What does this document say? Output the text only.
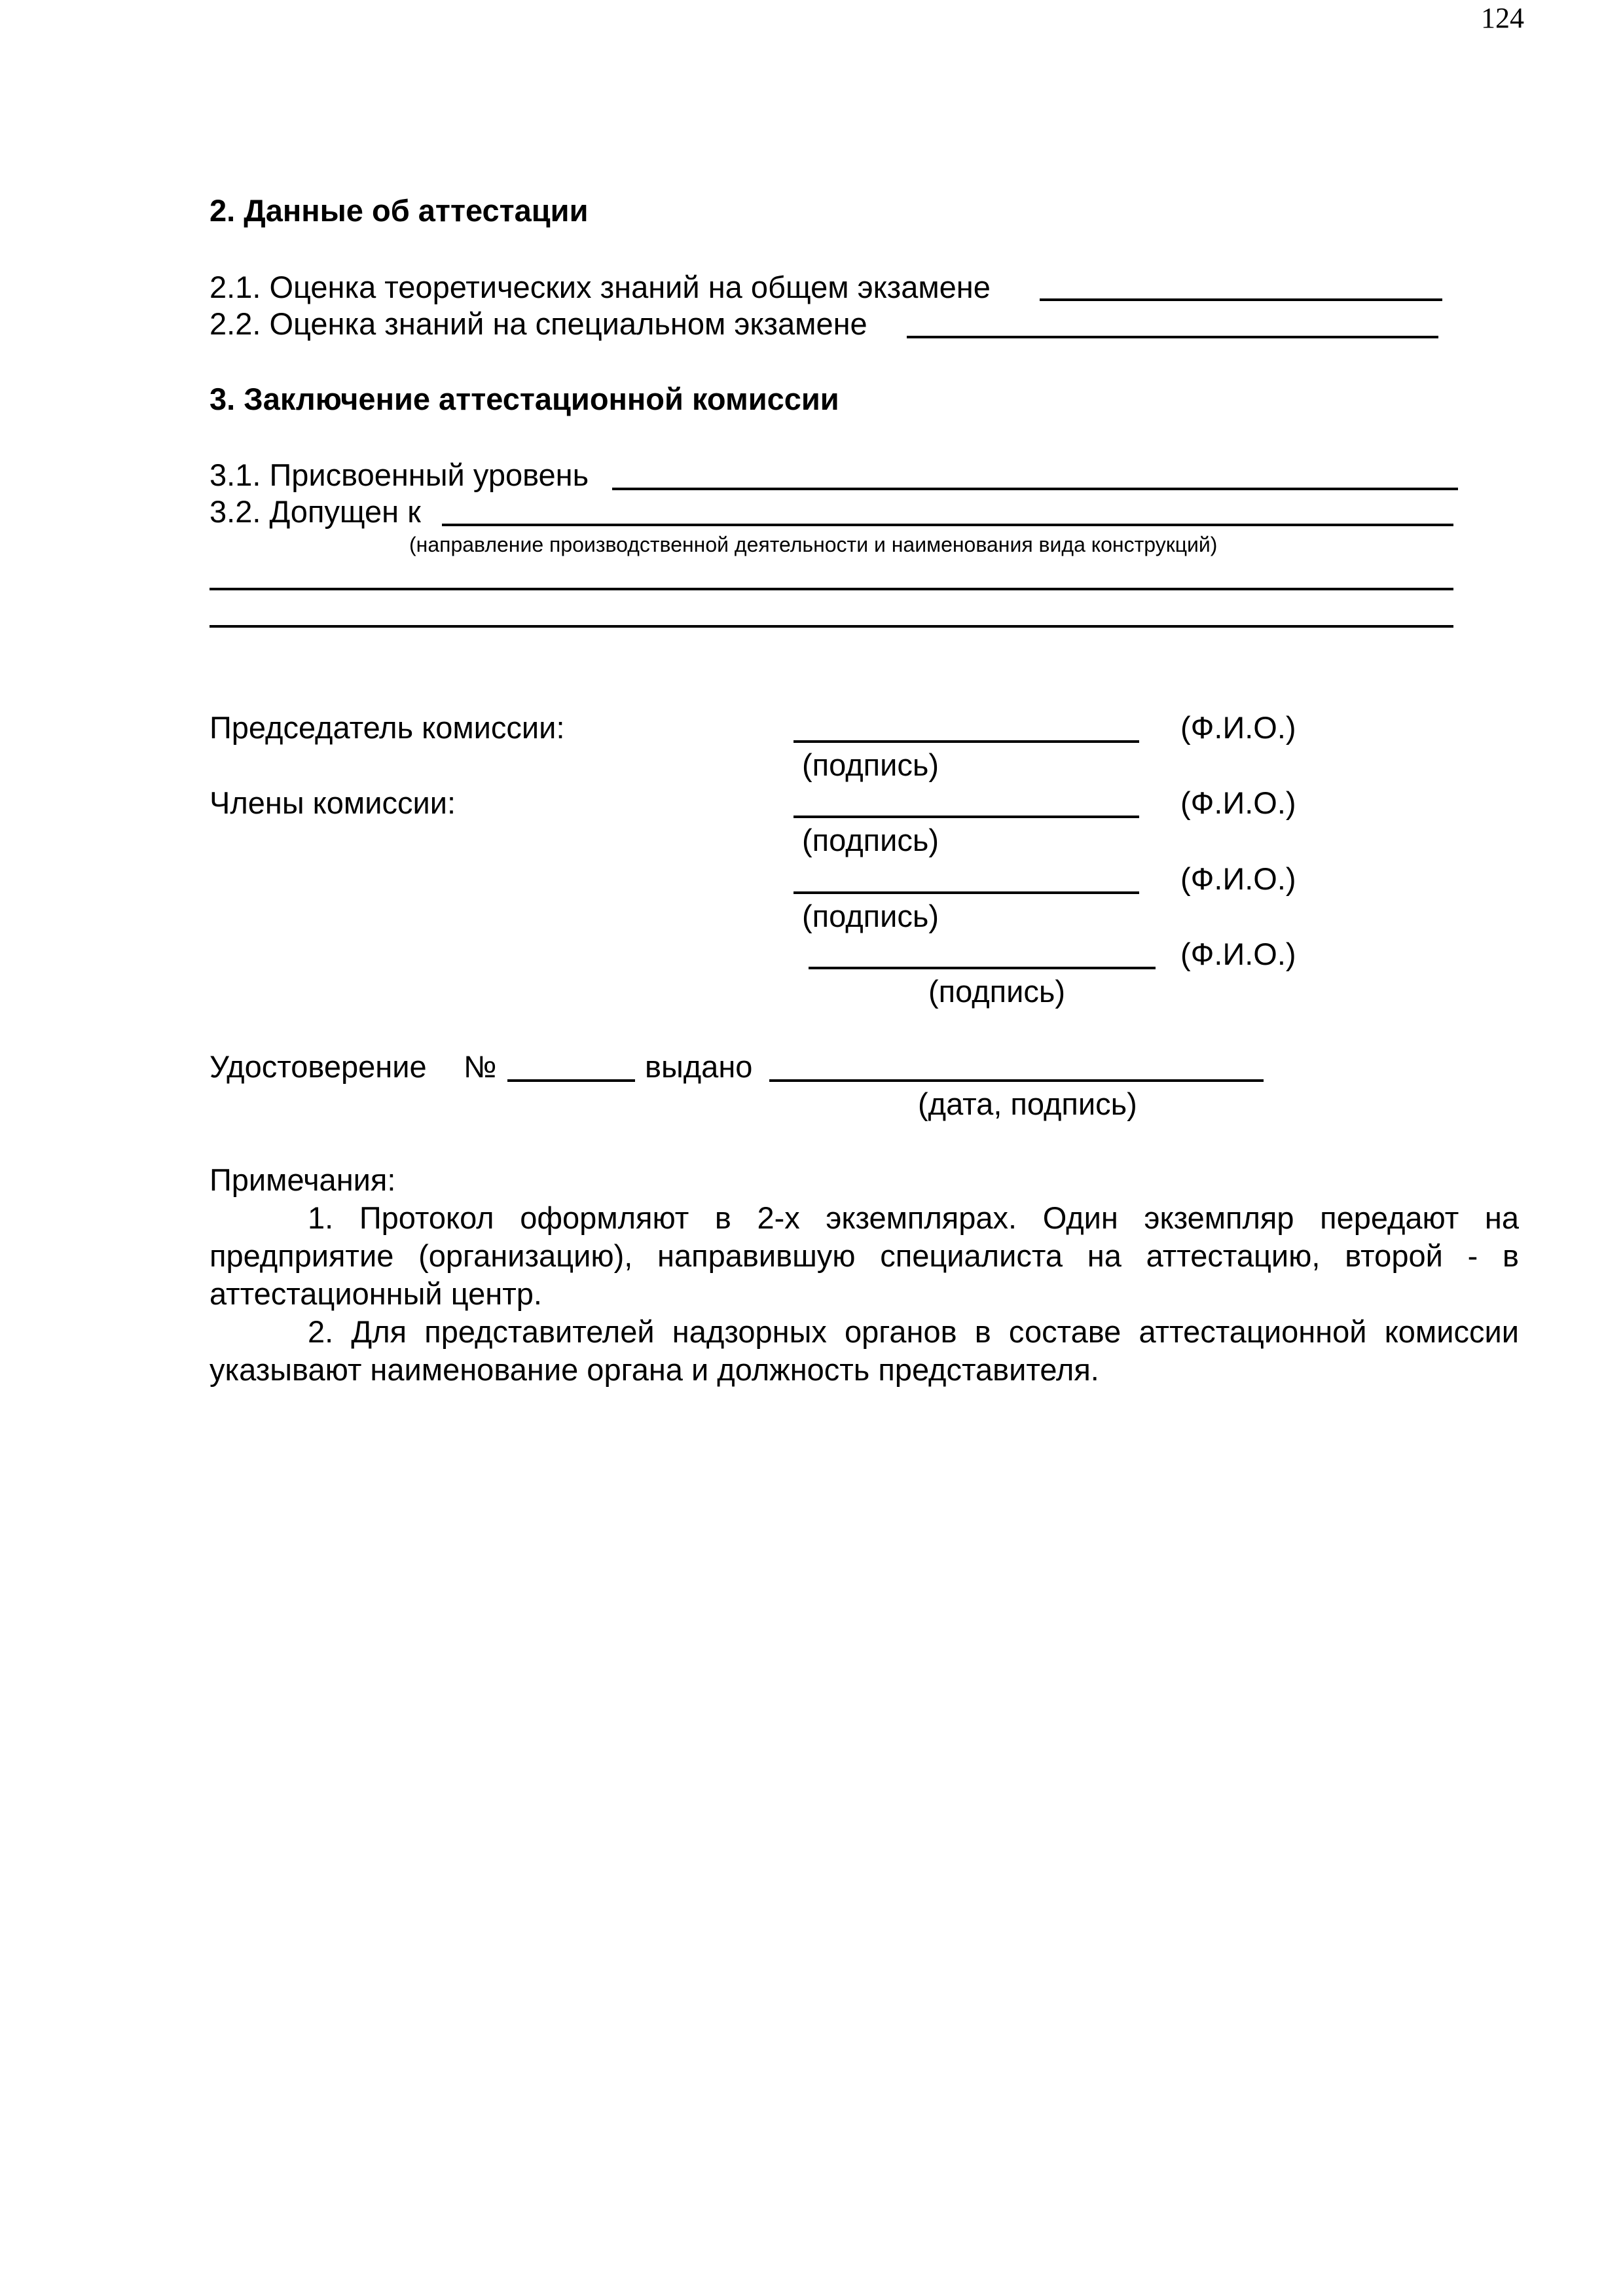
124
2. Данные об аттестации
2.1. Оценка теоретических знаний на общем экзамене
2.2. Оценка знаний на специальном экзамене
3. Заключение аттестационной комиссии
3.1. Присвоенный уровень
3.2. Допущен к
(направление производственной деятельности и наименования вида конструкций)
Председатель комиссии:	(Ф.И.О.)
(подпись)
Члены комиссии:	(Ф.И.О.)
(подпись)
(Ф.И.О.)
(подпись)
(Ф.И.О.)
(подпись)
Удостоверение №	выдано
(дата, подпись)
Примечания:
1. Протокол оформляют в 2-х экземплярах. Один экземпляр передают на предприятие (организацию), направившую специалиста на аттестацию, второй - в аттестационный центр.
2. Для представителей надзорных органов в составе аттестационной комиссии указывают наименование органа и должность представителя.
